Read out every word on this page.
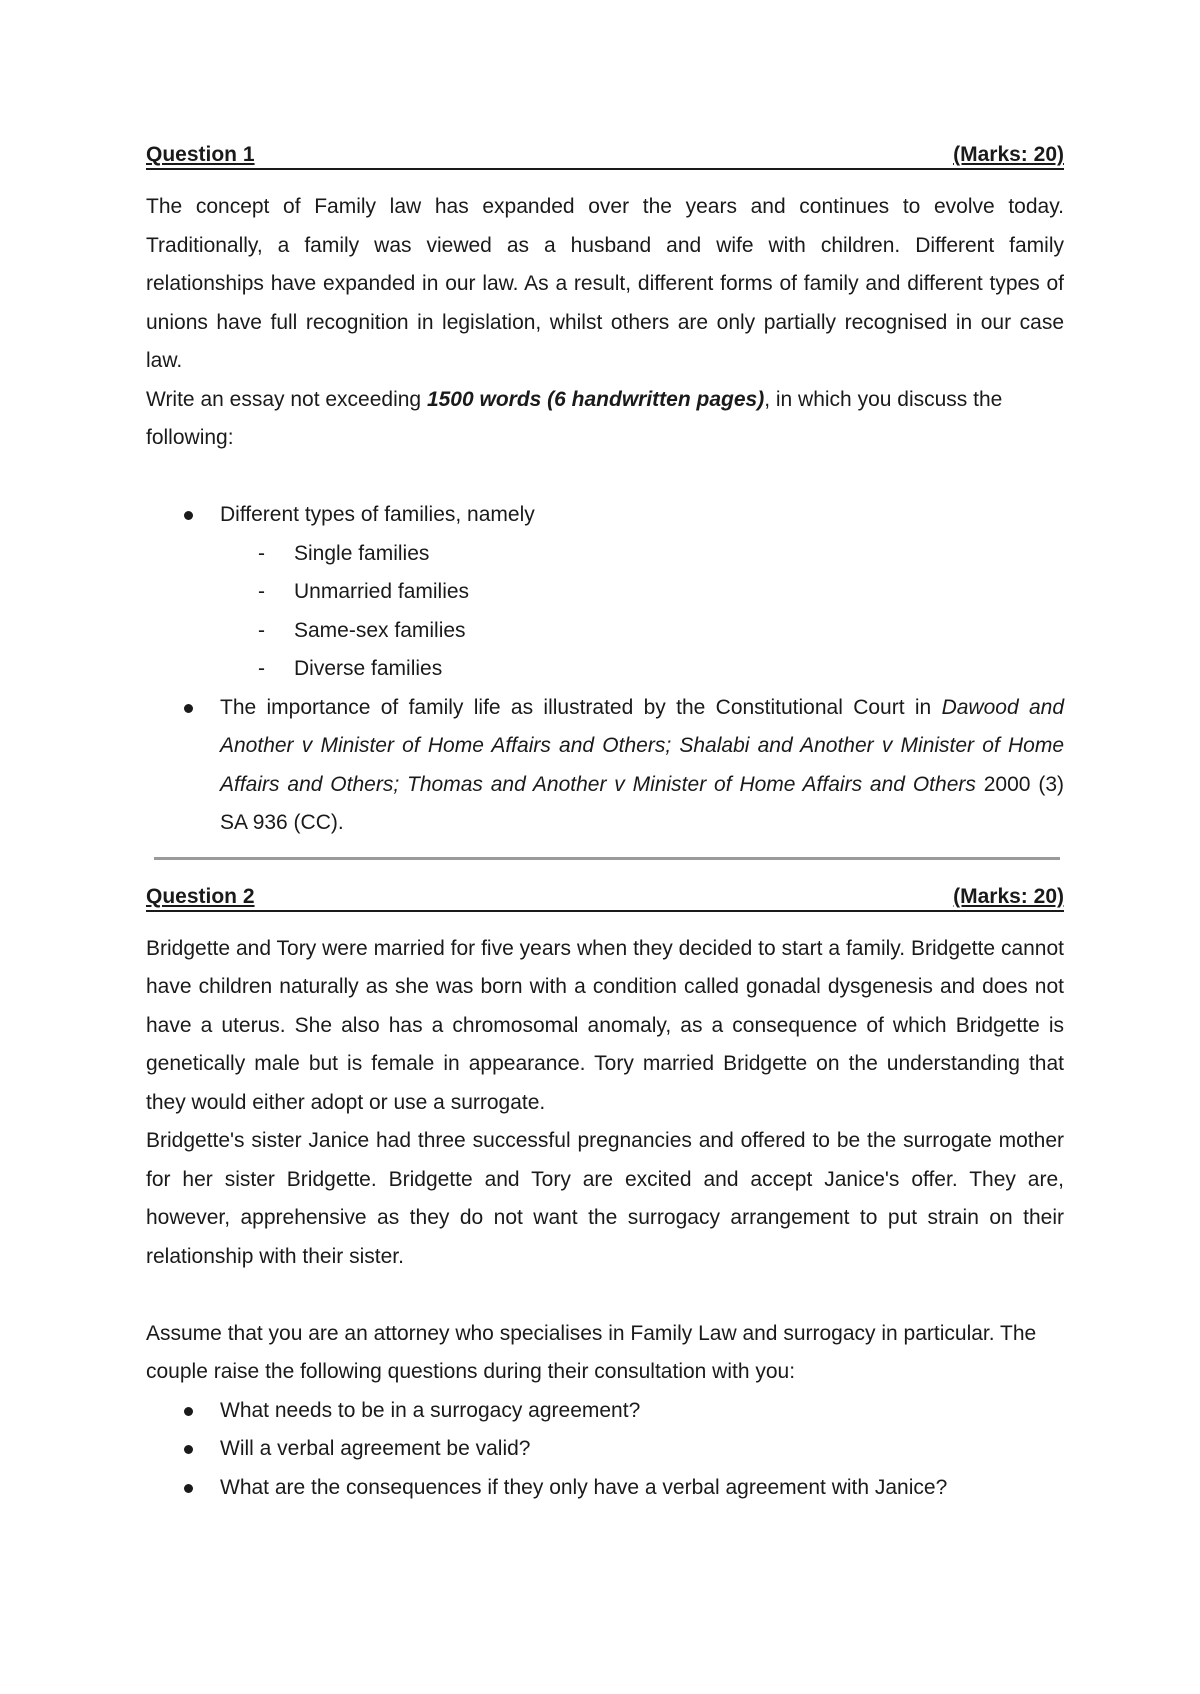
Question 1	(Marks: 20)

The concept of Family law has expanded over the years and continues to evolve today. Traditionally, a family was viewed as a husband and wife with children. Different family relationships have expanded in our law. As a result, different forms of family and different types of unions have full recognition in legislation, whilst others are only partially recognised in our case law.

Write an essay not exceeding 1500 words (6 handwritten pages), in which you discuss the following:

Different types of families, namely
- Single families
- Unmarried families
- Same-sex families
- Diverse families
The importance of family life as illustrated by the Constitutional Court in Dawood and Another v Minister of Home Affairs and Others; Shalabi and Another v Minister of Home Affairs and Others; Thomas and Another v Minister of Home Affairs and Others 2000 (3) SA 936 (CC).
Question 2	(Marks: 20)

Bridgette and Tory were married for five years when they decided to start a family. Bridgette cannot have children naturally as she was born with a condition called gonadal dysgenesis and does not have a uterus. She also has a chromosomal anomaly, as a consequence of which Bridgette is genetically male but is female in appearance. Tory married Bridgette on the understanding that they would either adopt or use a surrogate.

Bridgette's sister Janice had three successful pregnancies and offered to be the surrogate mother for her sister Bridgette. Bridgette and Tory are excited and accept Janice's offer. They are, however, apprehensive as they do not want the surrogacy arrangement to put strain on their relationship with their sister.

Assume that you are an attorney who specialises in Family Law and surrogacy in particular. The couple raise the following questions during their consultation with you:

What needs to be in a surrogacy agreement?
Will a verbal agreement be valid?
What are the consequences if they only have a verbal agreement with Janice?
